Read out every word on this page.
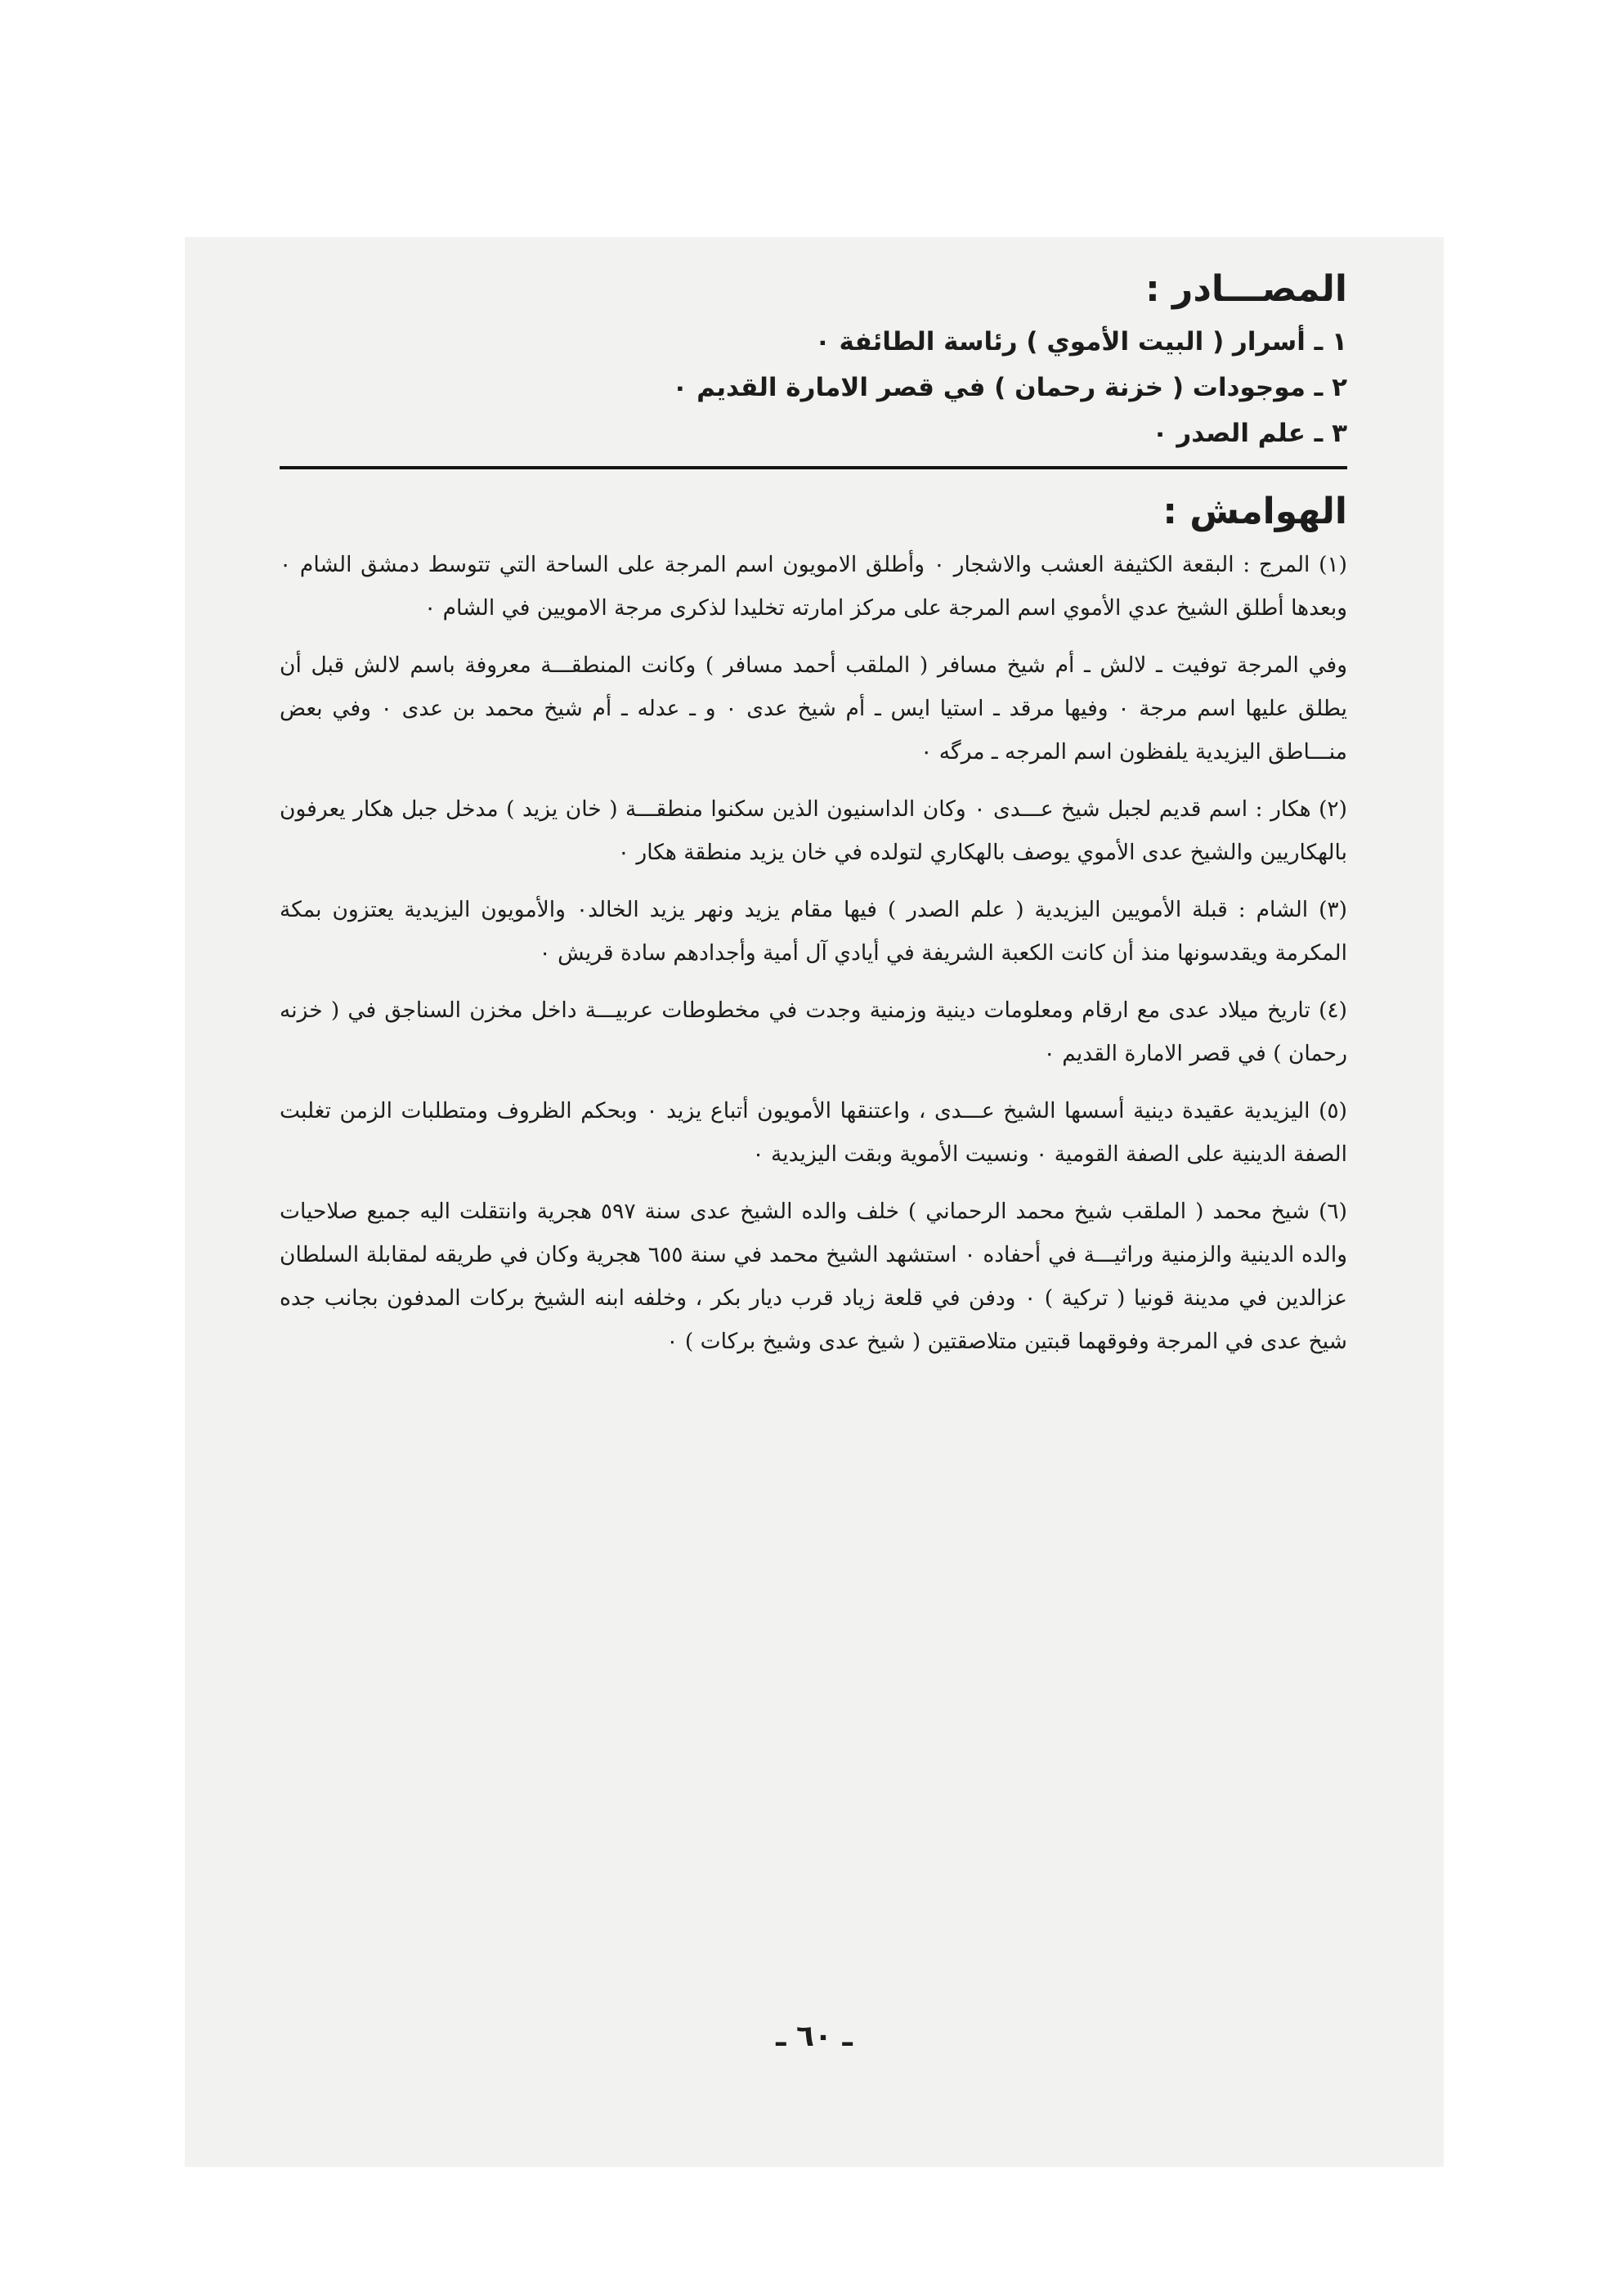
المصـــادر :
١ ـ أسرار ( البيت الأموي ) رئاسة الطائفة ٠
٢ ـ موجودات ( خزنة رحمان ) في قصر الامارة القديم ٠
٣ ـ علم الصدر ٠
الهوامش :

(١) المرج : البقعة الكثيفة العشب والاشجار ٠ وأطلق الامويون اسم المرجة على الساحة التي تتوسط دمشق الشام ٠ وبعدها أطلق الشيخ عدي الأموي اسم المرجة على مركز امارته تخليدا لذكرى مرجة الامويين في الشام ٠

وفي المرجة توفيت ـ لالش ـ أم شيخ مسافر ( الملقب أحمد مسافر ) وكانت المنطقـــة معروفة باسم لالش قبل أن يطلق عليها اسم مرجة ٠ وفيها مرقد ـ استيا ايس ـ أم شيخ عدى ٠ و ـ عدله ـ أم شيخ محمد بن عدى ٠ وفي بعض منـــاطق اليزيدية يلفظون اسم المرجه ـ مرگه ٠

(٢) هكار : اسم قديم لجبل شيخ عـــدى ٠ وكان الداسنيون الذين سكنوا منطقـــة ( خان يزيد ) مدخل جبل هكار يعرفون بالهكاريين والشيخ عدى الأموي يوصف بالهكاري لتولده في خان يزيد منطقة هكار ٠

(٣) الشام : قبلة الأمويين اليزيدية ( علم الصدر ) فيها مقام يزيد ونهر يزيد الخالد٠ والأمويون اليزيدية يعتزون بمكة المكرمة ويقدسونها منذ أن كانت الكعبة الشريفة في أيادي آل أمية وأجدادهم سادة قريش ٠

(٤) تاريخ ميلاد عدى مع ارقام ومعلومات دينية وزمنية وجدت في مخطوطات عربيـــة داخل مخزن السناجق في ( خزنه رحمان ) في قصر الامارة القديم ٠

(٥) اليزيدية عقيدة دينية أسسها الشيخ عـــدى ، واعتنقها الأمويون أتباع يزيد ٠ وبحكم الظروف ومتطلبات الزمن تغلبت الصفة الدينية على الصفة القومية ٠ ونسيت الأموية وبقت اليزيدية ٠

(٦) شيخ محمد ( الملقب شيخ محمد الرحماني ) خلف والده الشيخ عدى سنة ٥٩٧ هجرية وانتقلت اليه جميع صلاحيات والده الدينية والزمنية وراثيـــة في أحفاده ٠ استشهد الشيخ محمد في سنة ٦٥٥ هجرية وكان في طريقه لمقابلة السلطان عزالدين في مدينة قونيا ( تركية ) ٠ ودفن في قلعة زياد قرب ديار بكر ، وخلفه ابنه الشيخ بركات المدفون بجانب جده شيخ عدى في المرجة وفوقهما قبتين متلاصقتين ( شيخ عدى وشيخ بركات ) ٠

ـ ٦٠ ـ
